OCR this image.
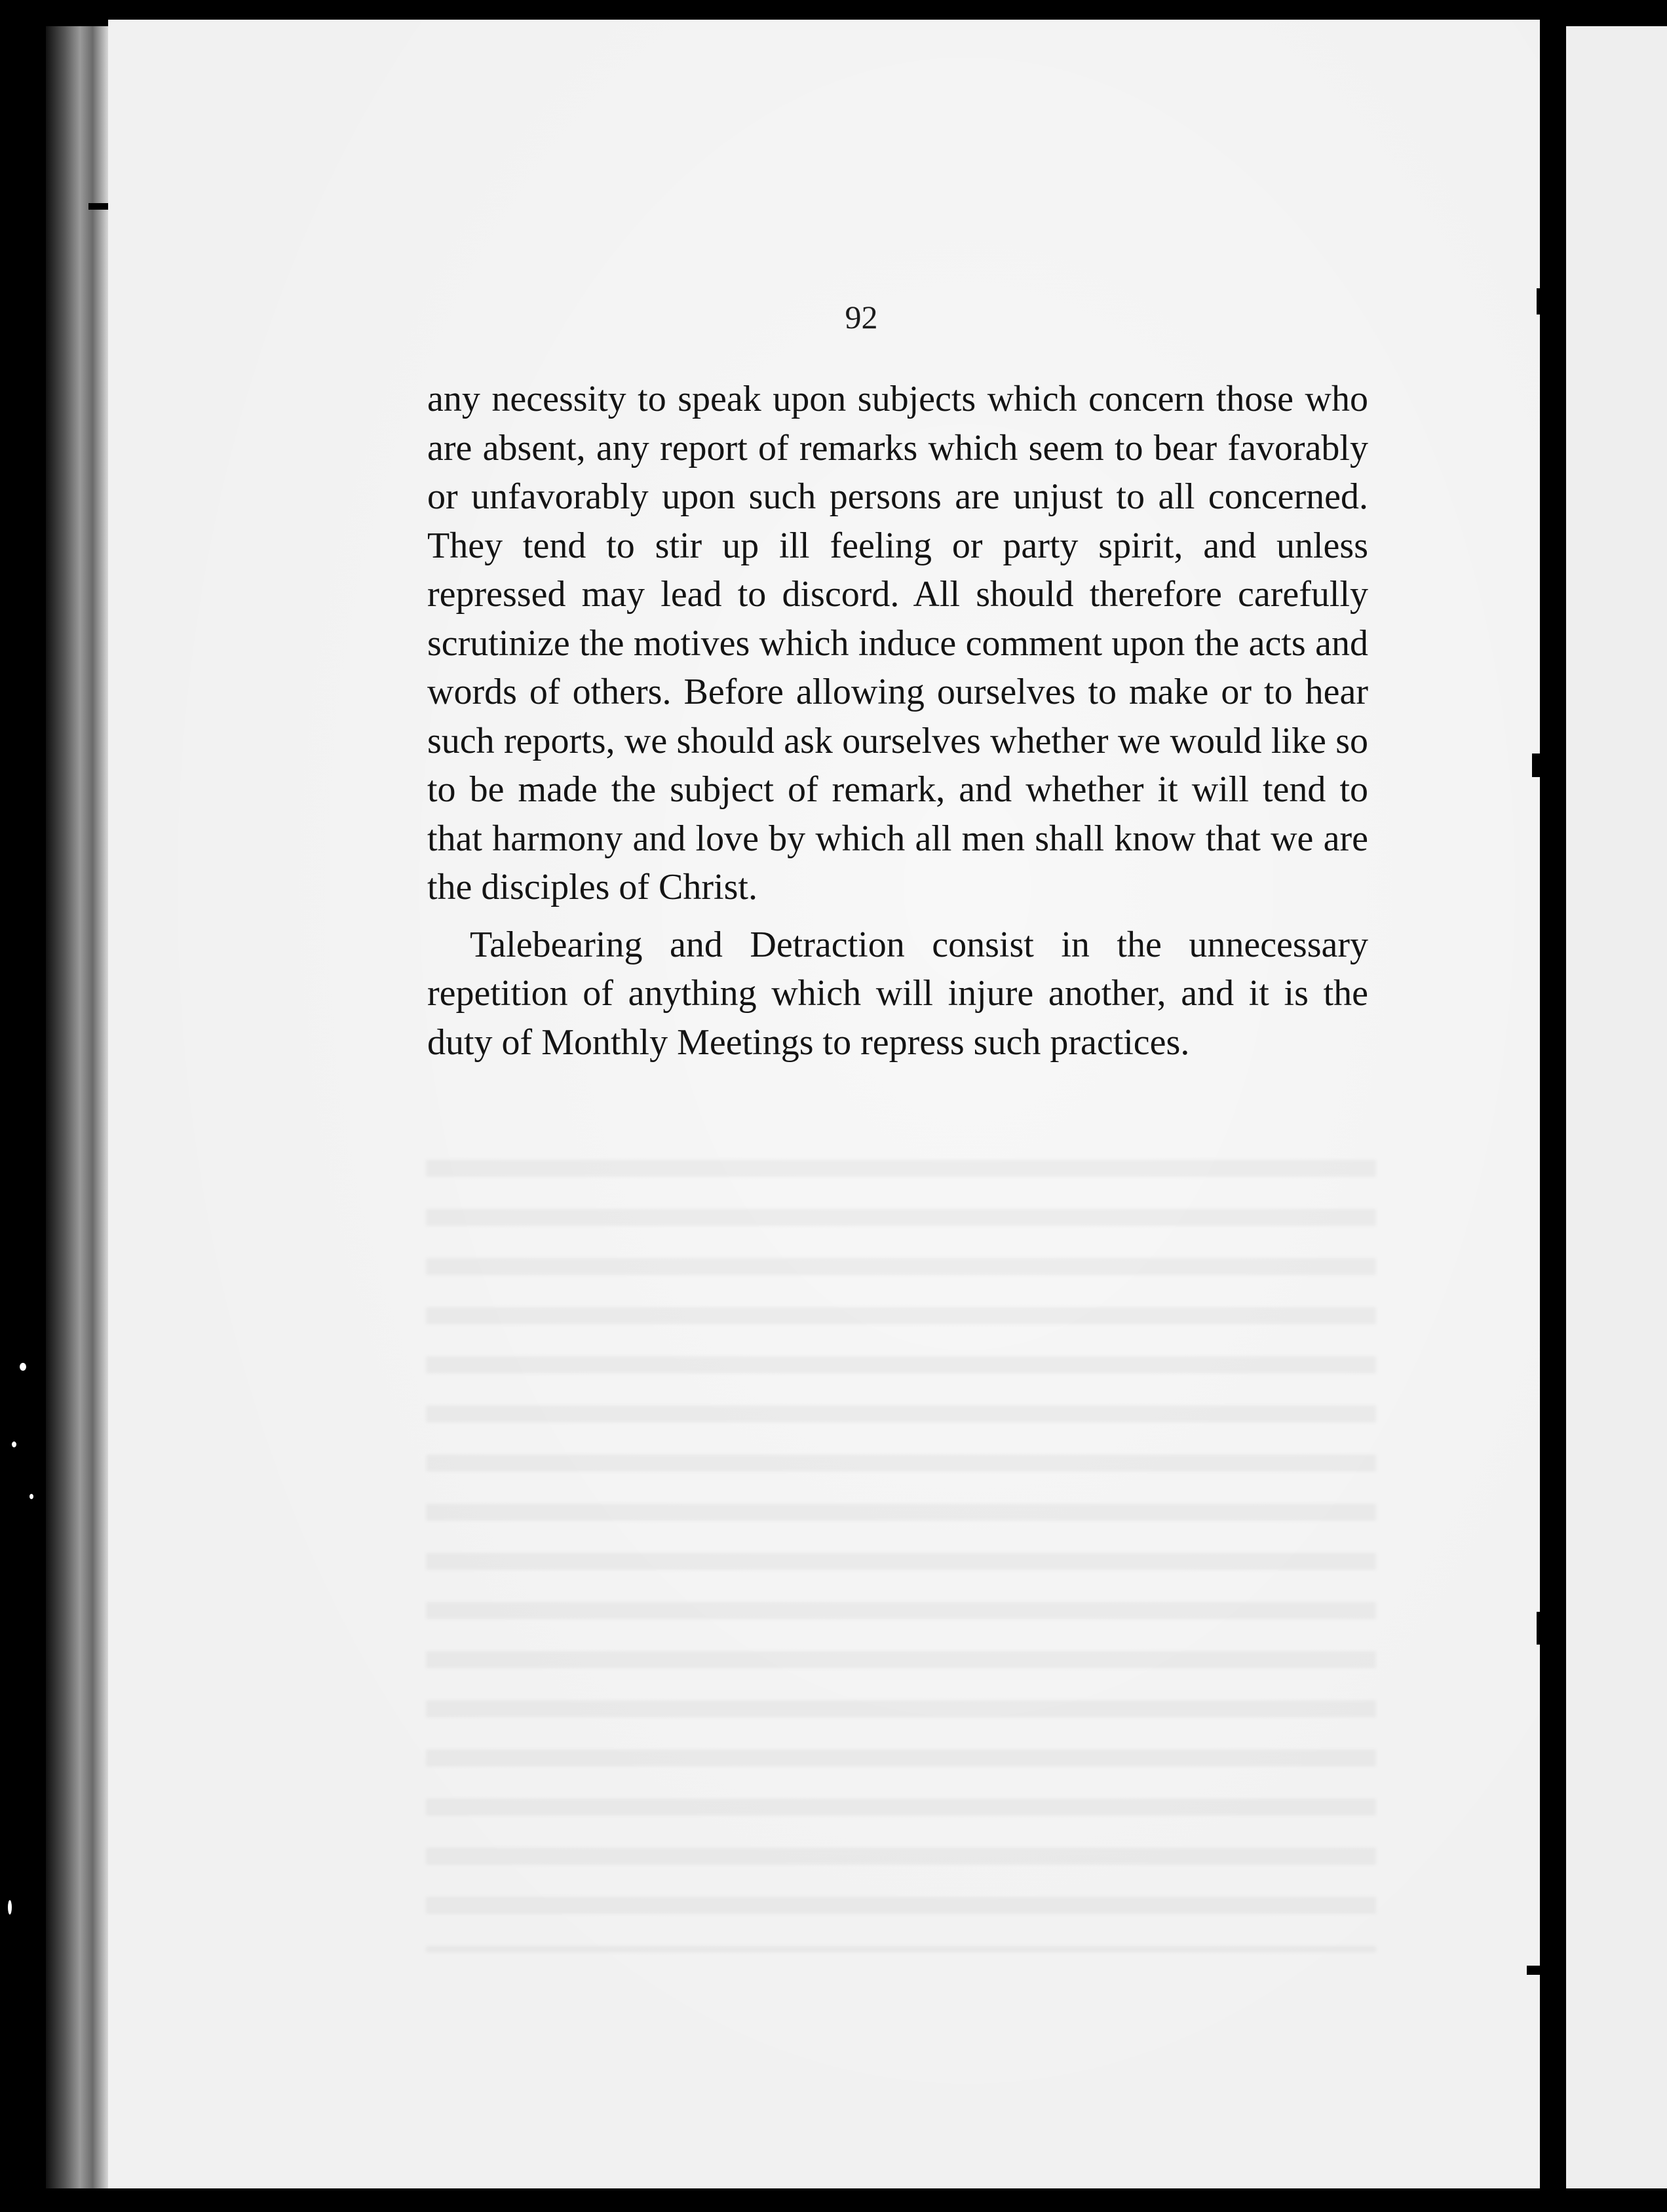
92

any necessity to speak upon subjects which concern those who are absent, any report of remarks which seem to bear favorably or unfavorably upon such persons are unjust to all concerned. They tend to stir up ill feeling or party spirit, and unless repressed may lead to discord. All should therefore carefully scrutinize the motives which induce comment upon the acts and words of others. Before allowing ourselves to make or to hear such reports, we should ask ourselves whether we would like so to be made the subject of remark, and whether it will tend to that harmony and love by which all men shall know that we are the disciples of Christ.

Talebearing and Detraction consist in the unnecessary repetition of anything which will injure another, and it is the duty of Monthly Meetings to repress such practices.
